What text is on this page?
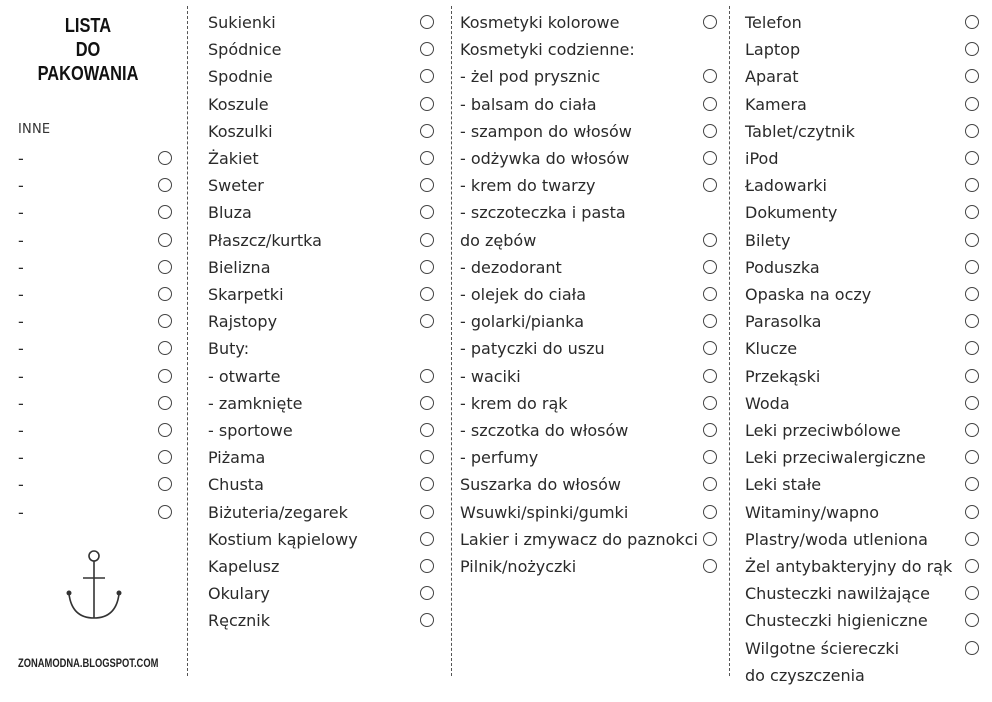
LISTA
DO
PAKOWANIA
INNE
-
-
-
-
-
-
-
-
-
-
-
-
-
-
ZONAMODNA.BLOGSPOT.COM
Sukienki
Spódnice
Spodnie
Koszule
Koszulki
Żakiet
Sweter
Bluza
Płaszcz/kurtka
Bielizna
Skarpetki
Rajstopy
Buty:
- otwarte
- zamknięte
- sportowe
Piżama
Chusta
Biżuteria/zegarek
Kostium kąpielowy
Kapelusz
Okulary
Ręcznik
Kosmetyki kolorowe
Kosmetyki codzienne:
- żel pod prysznic
- balsam do ciała
- szampon do włosów
- odżywka do włosów
- krem do twarzy
- szczoteczka i pasta
do zębów
- dezodorant
- olejek do ciała
- golarki/pianka
- patyczki do uszu
- waciki
- krem do rąk
- szczotka do włosów
- perfumy
Suszarka do włosów
Wsuwki/spinki/gumki
Lakier i zmywacz do paznokci
Pilnik/nożyczki
Telefon
Laptop
Aparat
Kamera
Tablet/czytnik
iPod
Ładowarki
Dokumenty
Bilety
Poduszka
Opaska na oczy
Parasolka
Klucze
Przekąski
Woda
Leki przeciwbólowe
Leki przeciwalergiczne
Leki stałe
Witaminy/wapno
Plastry/woda utleniona
Żel antybakteryjny do rąk
Chusteczki nawilżające
Chusteczki higieniczne
Wilgotne ściereczki
do czyszczenia
